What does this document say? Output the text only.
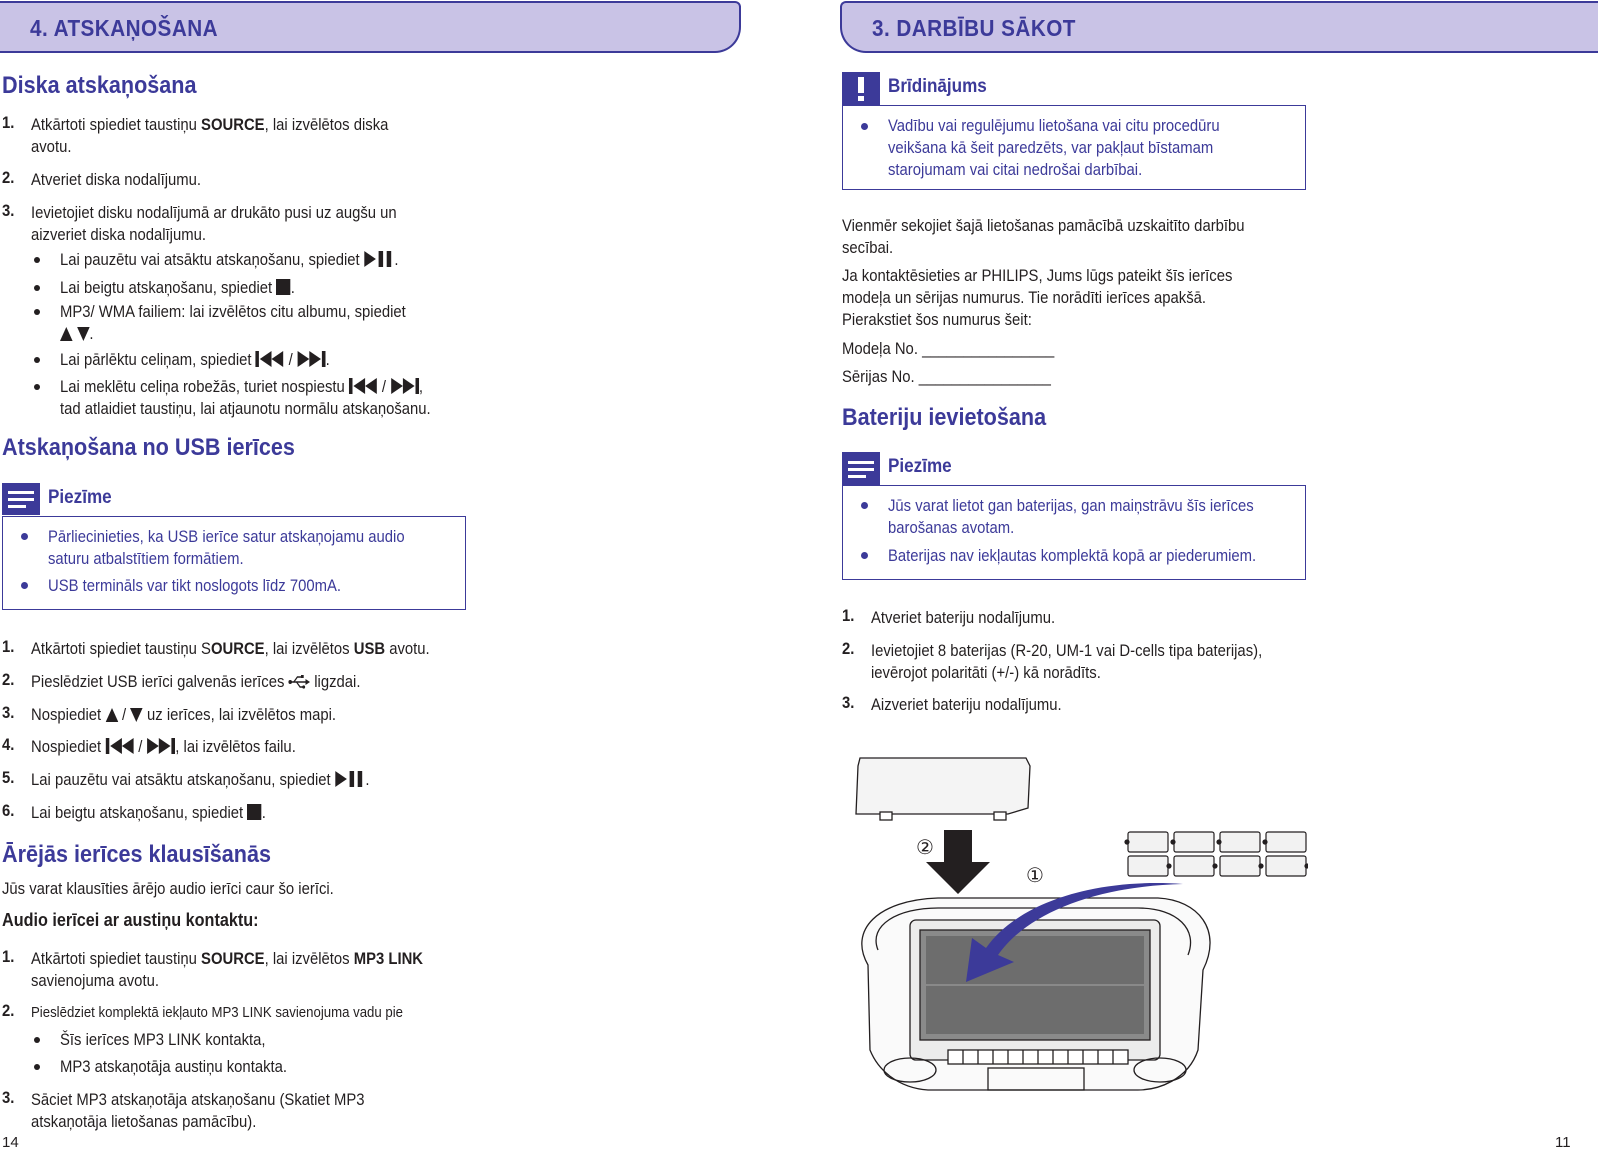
4. ATSKAŅOŠANA
Diska atskaņošana
1. Atkārtoti spiediet taustiņu SOURCE, lai izvēlētos diska
avotu.
2. Atveriet diska nodalījumu.
3. Ievietojiet disku nodalījumā ar drukāto pusi uz augšu un
aizveriet diska nodalījumu.
Lai pauzētu vai atsāktu atskaņošanu, spiediet .
Lai beigtu atskaņošanu, spiediet .
MP3/ WMA failiem: lai izvēlētos citu albumu, spiediet

.
Lai pārlēktu celiņam, spiediet / .
Lai meklētu celiņa robežās, turiet nospiestu / ,
tad atlaidiet taustiņu, lai atjaunotu normālu atskaņošanu.
Atskaņošana no USB ierīces
Piezīme
Pārliecinieties, ka USB ierīce satur atskaņojamu audio
saturu atbalstītiem formātiem.
USB termināls var tikt noslogots līdz 700mA.
1. Atkārtoti spiediet taustiņu SOURCE, lai izvēlētos USB avotu.
2. Pieslēdziet USB ierīci galvenās ierīces
ligzdai.
3. Nospiediet / uz ierīces, lai izvēlētos mapi.
4. Nospiediet / , lai izvēlētos failu.
5. Lai pauzētu vai atsāktu atskaņošanu, spiediet .
6. Lai beigtu atskaņošanu, spiediet .
Ārējās ierīces klausīšanās
Jūs varat klausīties ārējo audio ierīci caur šo ierīci.
Audio ierīcei ar austiņu kontaktu:
1. Atkārtoti spiediet taustiņu SOURCE, lai izvēlētos MP3 LINK
savienojuma avotu.
2. Pieslēdziet komplektā iekļauto MP3 LINK savienojuma vadu pie
Šīs ierīces MP3 LINK kontakta,
MP3 atskaņotāja austiņu kontakta.
3. Sāciet MP3 atskaņotāja atskaņošanu (Skatiet MP3
atskaņotāja lietošanas pamācību).
14
3. DARBĪBU SĀKOT
Brīdinājums
Vadību vai regulējumu lietošana vai citu procedūru
veikšana kā šeit paredzēts, var pakļaut bīstamam
starojumam vai citai nedrošai darbībai.
Vienmēr sekojiet šajā lietošanas pamācībā uzskaitīto darbību
secībai.
Ja kontaktēsieties ar PHILIPS, Jums lūgs pateikt šīs ierīces
modeļa un sērijas numurus. Tie norādīti ierīces apakšā.
Pierakstiet šos numurus šeit:
Modeļa No. ________________
Sērijas No. ________________
Bateriju ievietošana
Piezīme
Jūs varat lietot gan baterijas, gan maiņstrāvu šīs ierīces
barošanas avotam.
Baterijas nav iekļautas komplektā kopā ar piederumiem.
1. Atveriet bateriju nodalījumu.
2. Ievietojiet 8 baterijas (R-20, UM-1 vai D-cells tipa baterijas),
ievērojot polaritāti (+/-) kā norādīts.
3. Aizveriet bateriju nodalījumu.
②
①
11
